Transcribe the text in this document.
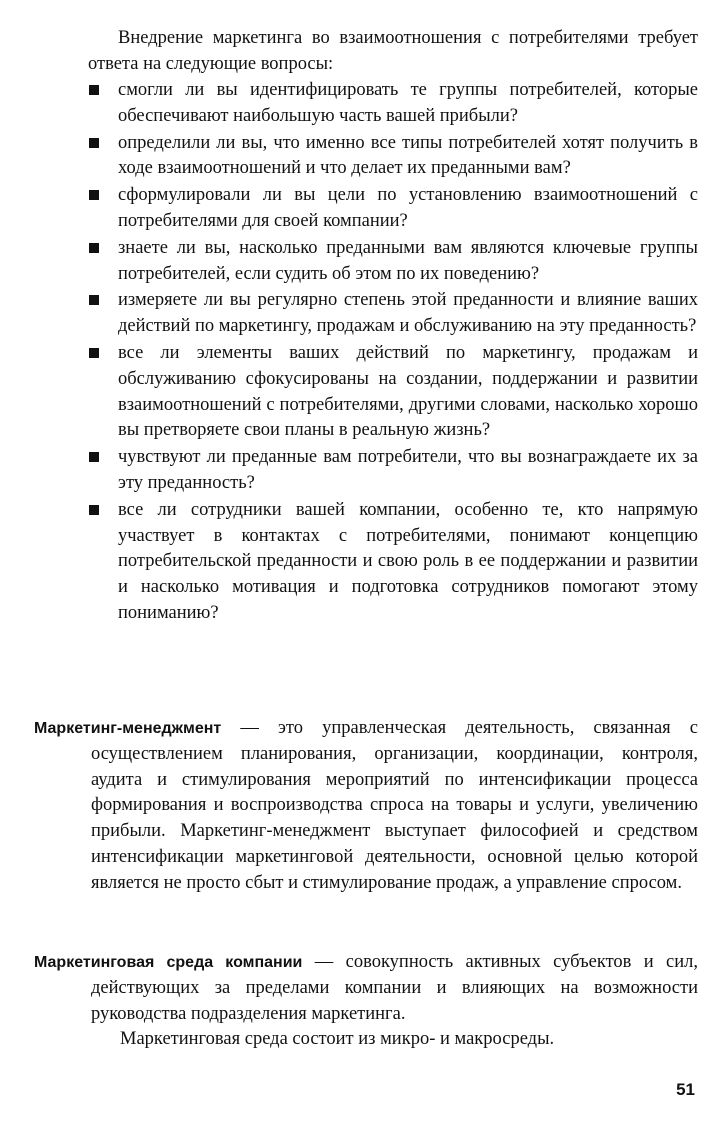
Внедрение маркетинга во взаимоотношения с потребителями требует ответа на следующие вопросы:

смогли ли вы идентифицировать те группы потребителей, которые обеспечивают наибольшую часть вашей прибыли?
определили ли вы, что именно все типы потребителей хотят получить в ходе взаимоотношений и что делает их преданными вам?
сформулировали ли вы цели по установлению взаимоотношений с потребителями для своей компании?
знаете ли вы, насколько преданными вам являются ключевые группы потребителей, если судить об этом по их поведению?
измеряете ли вы регулярно степень этой преданности и влияние ваших действий по маркетингу, продажам и обслуживанию на эту преданность?
все ли элементы ваших действий по маркетингу, продажам и обслуживанию сфокусированы на создании, поддержании и развитии взаимоотношений с потребителями, другими словами, насколько хорошо вы претворяете свои планы в реальную жизнь?
чувствуют ли преданные вам потребители, что вы вознаграждаете их за эту преданность?
все ли сотрудники вашей компании, особенно те, кто напрямую участвует в контактах с потребителями, понимают концепцию потребительской преданности и свою роль в ее поддержании и развитии и насколько мотивация и подготовка сотрудников помогают этому пониманию?

Маркетинг-менеджмент — это управленческая деятельность, связанная с осуществлением планирования, организации, координации, контроля, аудита и стимулирования мероприятий по интенсификации процесса формирования и воспроизводства спроса на товары и услуги, увеличению прибыли. Маркетинг-менеджмент выступает философией и средством интенсификации маркетинговой деятельности, основной целью которой является не просто сбыт и стимулирование продаж, а управление спросом.

Маркетинговая среда компании — совокупность активных субъектов и сил, действующих за пределами компании и влияющих на возможности руководства подразделения маркетинга.

Маркетинговая среда состоит из микро- и макросреды.

51
